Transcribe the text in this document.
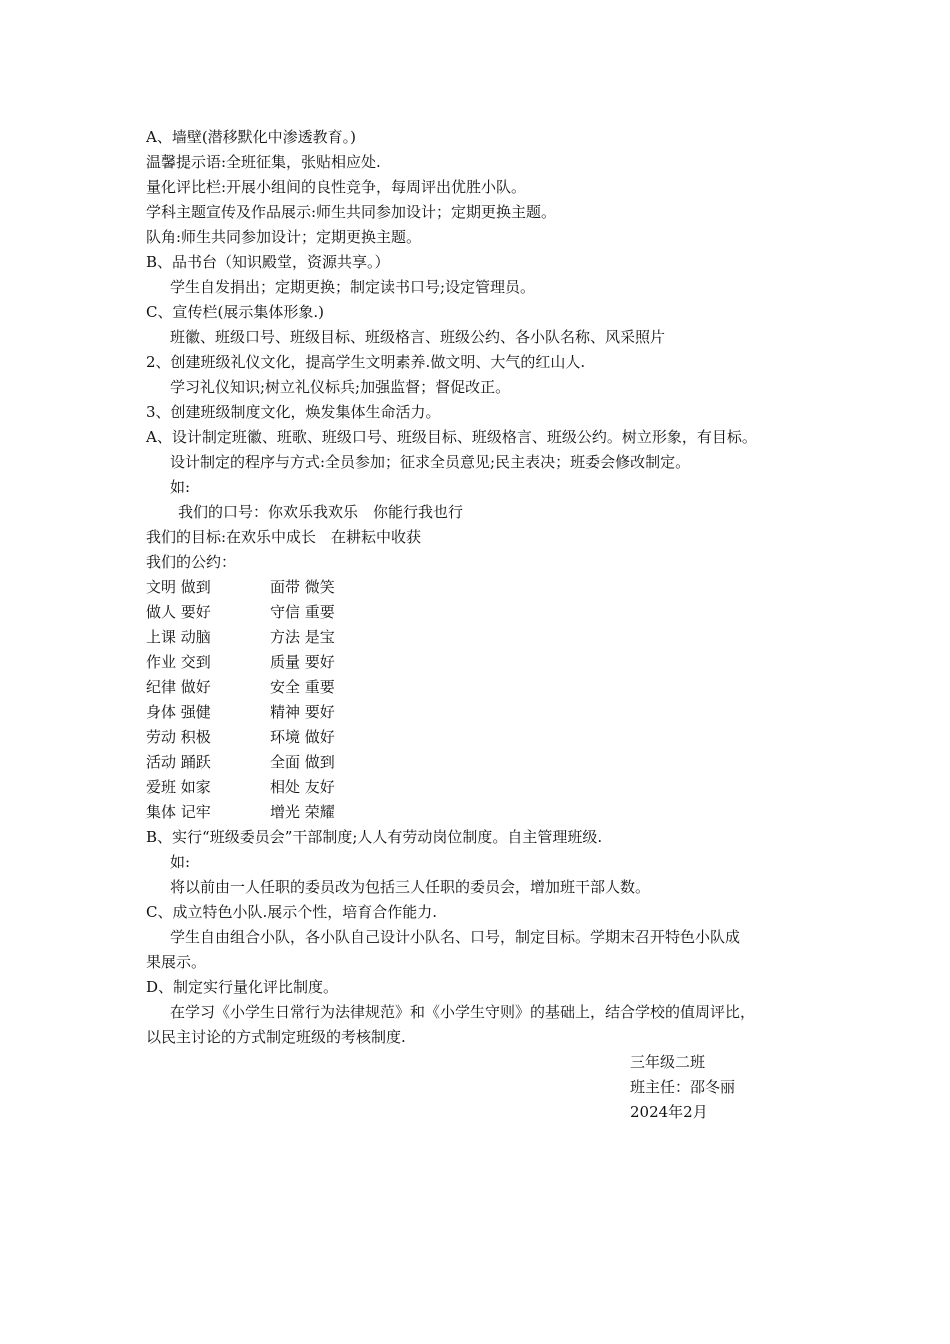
A、墙壁(潜移默化中渗透教育。)
温馨提示语:全班征集，张贴相应处.
量化评比栏:开展小组间的良性竞争，每周评出优胜小队。
学科主题宣传及作品展示:师生共同参加设计；定期更换主题。
队角:师生共同参加设计；定期更换主题。
B、品书台（知识殿堂，资源共享。）
学生自发捐出；定期更换；制定读书口号;设定管理员。
C、宣传栏(展示集体形象.)
班徽、班级口号、班级目标、班级格言、班级公约、各小队名称、风采照片
2、创建班级礼仪文化，提高学生文明素养.做文明、大气的红山人.
学习礼仪知识;树立礼仪标兵;加强监督；督促改正。
3、创建班级制度文化，焕发集体生命活力。
A、设计制定班徽、班歌、班级口号、班级目标、班级格言、班级公约。树立形象，有目标。
设计制定的程序与方式:全员参加；征求全员意见;民主表决；班委会修改制定。
如:
我们的口号：你欢乐我欢乐　你能行我也行
我们的目标:在欢乐中成长　在耕耘中收获
我们的公约：
文明 做到	面带 微笑
做人 要好	守信 重要
上课 动脑	方法 是宝
作业 交到	质量 要好
纪律 做好	安全 重要
身体 强健	精神 要好
劳动 积极	环境 做好
活动 踊跃	全面 做到
爱班 如家	相处 友好
集体 记牢	增光 荣耀
B、实行“班级委员会”干部制度;人人有劳动岗位制度。自主管理班级.
如:
将以前由一人任职的委员改为包括三人任职的委员会，增加班干部人数。
C、成立特色小队.展示个性，培育合作能力.
学生自由组合小队，各小队自己设计小队名、口号，制定目标。学期末召开特色小队成
果展示。
D、制定实行量化评比制度。
在学习《小学生日常行为法律规范》和《小学生守则》的基础上，结合学校的值周评比，
以民主讨论的方式制定班级的考核制度.
三年级二班
班主任：邵冬丽
2024年2月
